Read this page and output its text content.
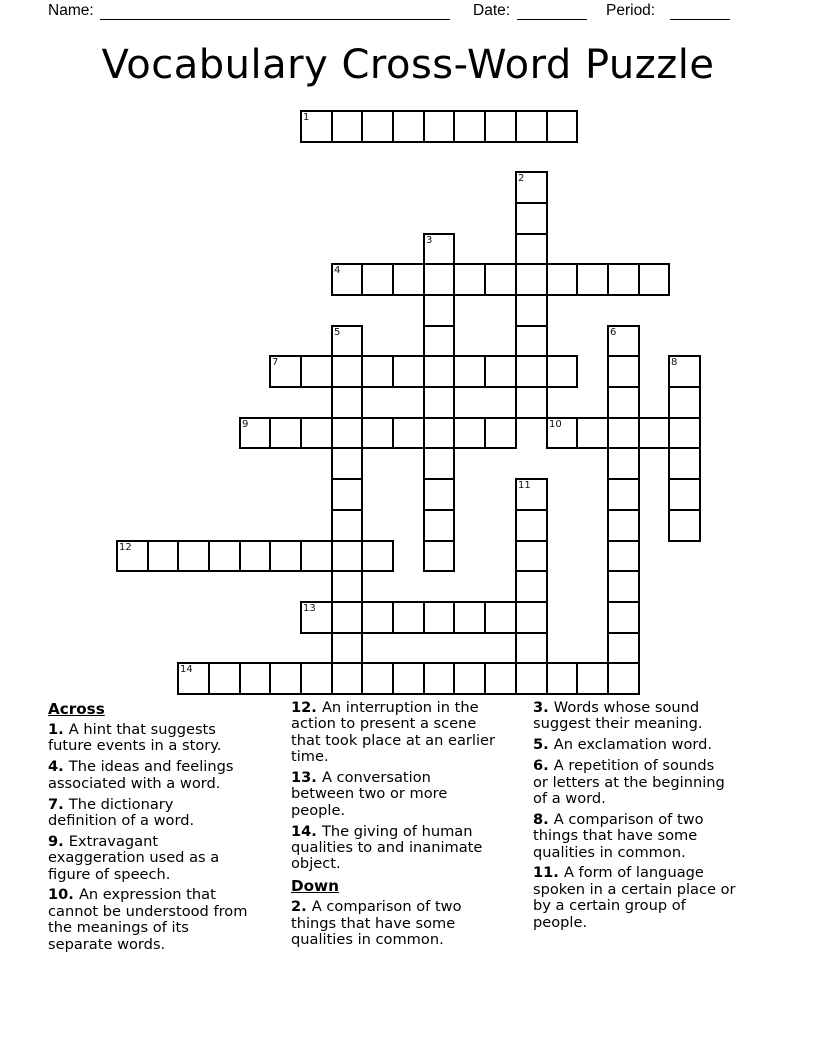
Name:	Date:	Period:
Vocabulary Cross-Word Puzzle
1
2
3
4
5	6
7	8
9	10
11
12
13
14
Across
1. A hint that suggests
future events in a story.
4. The ideas and feelings
associated with a word.
7. The dictionary
definition of a word.
9. Extravagant
exaggeration used as a
figure of speech.
10. An expression that
cannot be understood from
the meanings of its
separate words.
12. An interruption in the
action to present a scene
that took place at an earlier
time.
13. A conversation
between two or more
people.
14. The giving of human
qualities to and inanimate
object.
Down
2. A comparison of two
things that have some
qualities in common.
3. Words whose sound
suggest their meaning.
5. An exclamation word.
6. A repetition of sounds
or letters at the beginning
of a word.
8. A comparison of two
things that have some
qualities in common.
11. A form of language
spoken in a certain place or
by a certain group of
people.
